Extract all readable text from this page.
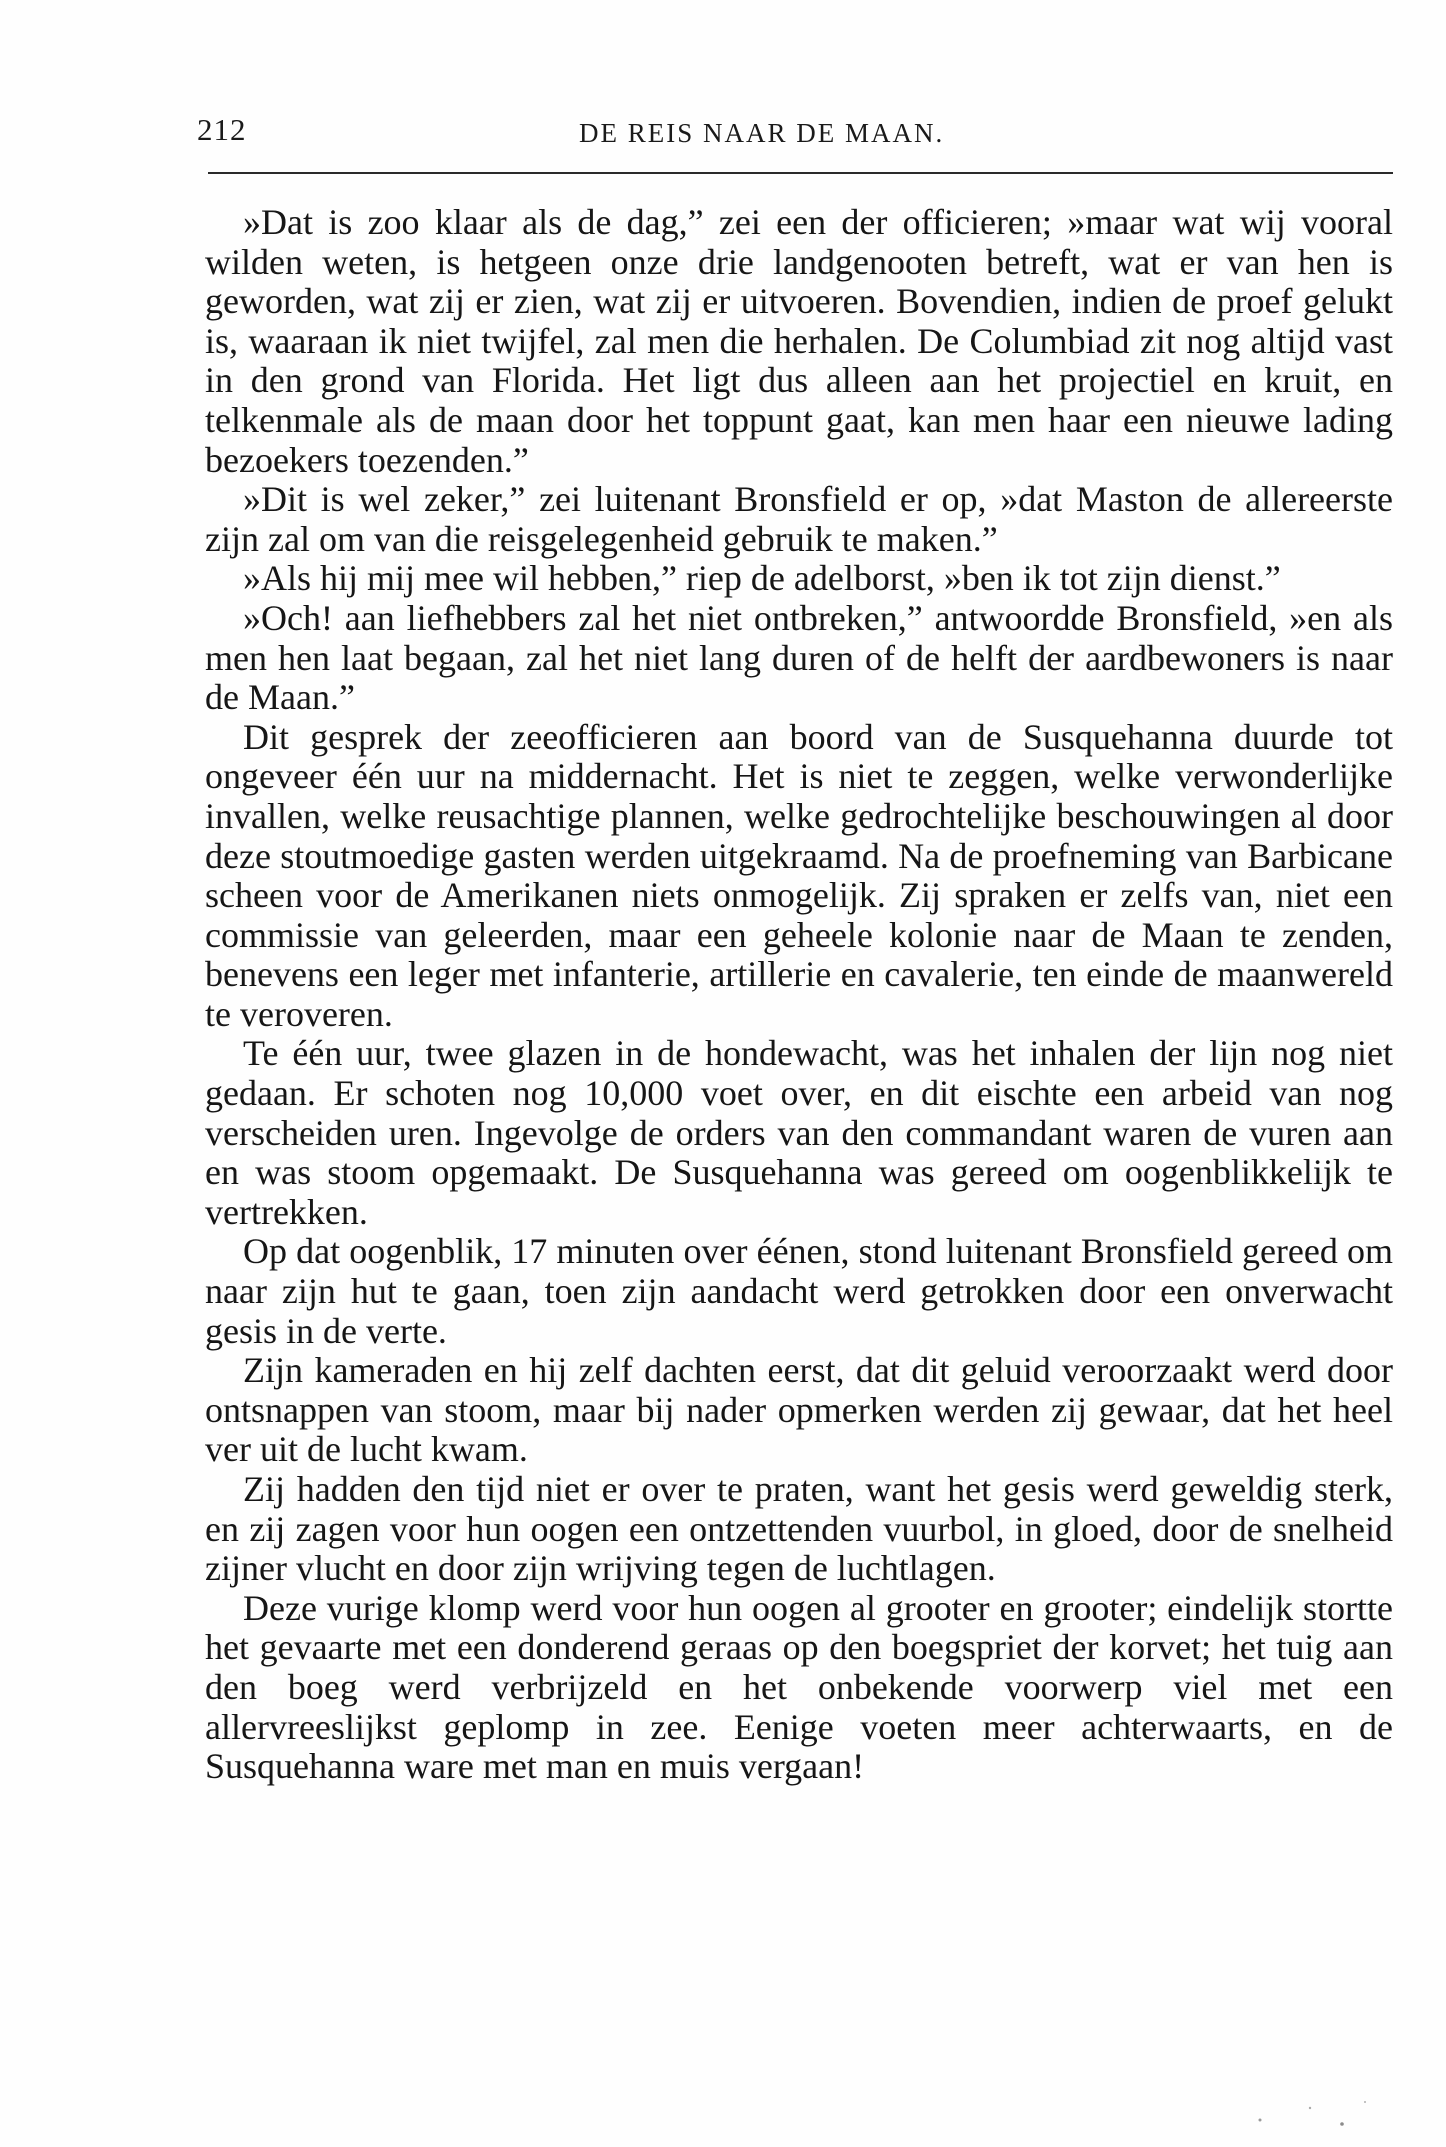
212	DE REIS NAAR DE MAAN.

»Dat is zoo klaar als de dag,” zei een der officieren; »maar wat wij vooral wilden weten, is hetgeen onze drie landgenooten betreft, wat er van hen is geworden, wat zij er zien, wat zij er uitvoeren. Bovendien, indien de proef gelukt is, waaraan ik niet twijfel, zal men die herhalen. De Columbiad zit nog altijd vast in den grond van Florida. Het ligt dus alleen aan het projectiel en kruit, en telkenmale als de maan door het toppunt gaat, kan men haar een nieuwe lading bezoekers toezenden.”

»Dit is wel zeker,” zei luitenant Bronsfield er op, »dat Maston de allereerste zijn zal om van die reisgelegenheid gebruik te maken.”

»Als hij mij mee wil hebben,” riep de adelborst, »ben ik tot zijn dienst.”

»Och! aan liefhebbers zal het niet ontbreken,” antwoordde Bronsfield, »en als men hen laat begaan, zal het niet lang duren of de helft der aardbewoners is naar de Maan.”

Dit gesprek der zeeofficieren aan boord van de Susquehanna duurde tot ongeveer één uur na middernacht. Het is niet te zeggen, welke verwonderlijke invallen, welke reusachtige plannen, welke gedrochtelijke beschouwingen al door deze stoutmoedige gasten werden uitgekraamd. Na de proefneming van Barbicane scheen voor de Amerikanen niets onmogelijk. Zij spraken er zelfs van, niet een commissie van geleerden, maar een geheele kolonie naar de Maan te zenden, benevens een leger met infanterie, artillerie en cavalerie, ten einde de maanwereld te veroveren.

Te één uur, twee glazen in de hondewacht, was het inhalen der lijn nog niet gedaan. Er schoten nog 10,000 voet over, en dit eischte een arbeid van nog verscheiden uren. Ingevolge de orders van den commandant waren de vuren aan en was stoom opgemaakt. De Susquehanna was gereed om oogenblikkelijk te vertrekken.

Op dat oogenblik, 17 minuten over éénen, stond luitenant Bronsfield gereed om naar zijn hut te gaan, toen zijn aandacht werd getrokken door een onverwacht gesis in de verte.

Zijn kameraden en hij zelf dachten eerst, dat dit geluid veroorzaakt werd door ontsnappen van stoom, maar bij nader opmerken werden zij gewaar, dat het heel ver uit de lucht kwam.

Zij hadden den tijd niet er over te praten, want het gesis werd geweldig sterk, en zij zagen voor hun oogen een ontzettenden vuurbol, in gloed, door de snelheid zijner vlucht en door zijn wrijving tegen de luchtlagen.

Deze vurige klomp werd voor hun oogen al grooter en grooter; eindelijk stortte het gevaarte met een donderend geraas op den boegspriet der korvet; het tuig aan den boeg werd verbrijzeld en het onbekende voorwerp viel met een allervreeslijkst geplomp in zee. Eenige voeten meer achterwaarts, en de Susquehanna ware met man en muis vergaan!
